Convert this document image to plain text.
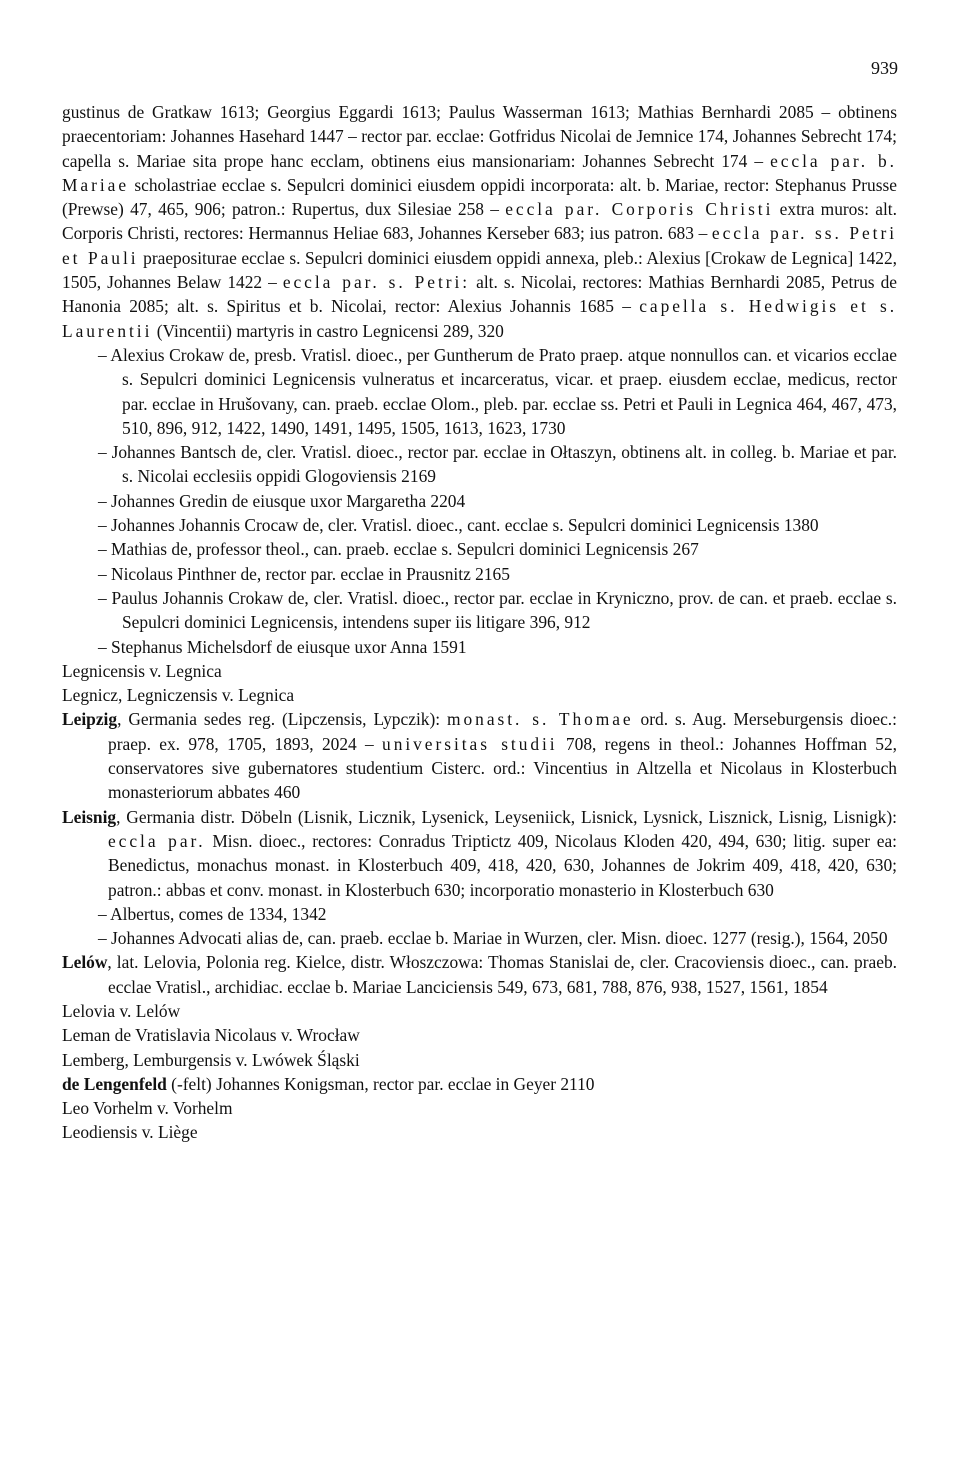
939
gustinus de Gratkaw 1613; Georgius Eggardi 1613; Paulus Wasserman 1613; Mathias Bernhardi 2085 – obtinens praecentoriam: Johannes Hasehard 1447 – rector par. ecclae: Gotfridus Nicolai de Jemnice 174, Johannes Sebrecht 174; capella s. Mariae sita prope hanc ecclam, obtinens eius mansionariam: Johannes Sebrecht 174 – eccla par. b. Mariae scholastriae ecclae s. Sepulcri dominici eiusdem oppidi incorporata: alt. b. Mariae, rector: Stephanus Prusse (Prewse) 47, 465, 906; patron.: Rupertus, dux Silesiae 258 – eccla par. Corporis Christi extra muros: alt. Corporis Christi, rectores: Hermannus Heliae 683, Johannes Kerseber 683; ius patron. 683 – eccla par. ss. Petri et Pauli praeposituraе ecclae s. Sepulcri dominici eiusdem oppidi annexa, pleb.: Alexius [Crokaw de Legnica] 1422, 1505, Johannes Belaw 1422 – eccla par. s. Petri: alt. s. Nicolai, rectores: Mathias Bernhardi 2085, Petrus de Hanonia 2085; alt. s. Spiritus et b. Nicolai, rector: Alexius Johannis 1685 – capella s. Hedwigis et s. Laurentii (Vincentii) martyris in castro Legnicensi 289, 320
– Alexius Crokaw de, presb. Vratisl. dioec., per Guntherum de Prato praep. atque nonnullos can. et vicarios ecclae s. Sepulcri dominici Legnicensis vulneratus et incarceratus, vicar. et praep. eiusdem ecclae, medicus, rector par. ecclae in Hrušovany, can. praeb. ecclae Olom., pleb. par. ecclae ss. Petri et Pauli in Legnica 464, 467, 473, 510, 896, 912, 1422, 1490, 1491, 1495, 1505, 1613, 1623, 1730
– Johannes Bantsch de, cler. Vratisl. dioec., rector par. ecclae in Ołtaszyn, obtinens alt. in colleg. b. Mariae et par. s. Nicolai ecclesiis oppidi Glogoviensis 2169
– Johannes Gredin de eiusque uxor Margaretha 2204
– Johannes Johannis Crocaw de, cler. Vratisl. dioec., cant. ecclae s. Sepulcri dominici Legnicensis 1380
– Mathias de, professor theol., can. praeb. ecclae s. Sepulcri dominici Legnicensis 267
– Nicolaus Pinthner de, rector par. ecclae in Prausnitz 2165
– Paulus Johannis Crokaw de, cler. Vratisl. dioec., rector par. ecclae in Kryniczno, prov. de can. et praeb. ecclae s. Sepulcri dominici Legnicensis, intendens super iis litigare 396, 912
– Stephanus Michelsdorf de eiusque uxor Anna 1591
Legnicensis v. Legnica
Legnicz, Legniczensis v. Legnica
Leipzig, Germania sedes reg. (Lipczensis, Lypczik): monast. s. Thomae ord. s. Aug. Merseburgensis dioec.: praep. ex. 978, 1705, 1893, 2024 – universitas studii 708, regens in theol.: Johannes Hoffman 52, conservatores sive gubernatores studentium Cisterc. ord.: Vincentius in Altzella et Nicolaus in Klosterbuch monasteriorum abbates 460
Leisnig, Germania distr. Döbeln (Lisnik, Licznik, Lysenick, Leyseniick, Lisnick, Lysnick, Lisznick, Lisnig, Lisnigk): eccla par. Misn. dioec., rectores: Conradus Triptictz 409, Nicolaus Kloden 420, 494, 630; litig. super ea: Benedictus, monachus monast. in Klosterbuch 409, 418, 420, 630, Johannes de Jokrim 409, 418, 420, 630; patron.: abbas et conv. monast. in Klosterbuch 630; incorporatio monasterio in Klosterbuch 630
– Albertus, comes de 1334, 1342
– Johannes Advocati alias de, can. praeb. ecclae b. Mariae in Wurzen, cler. Misn. dioec. 1277 (resig.), 1564, 2050
Lelów, lat. Lelovia, Polonia reg. Kielce, distr. Włoszczowa: Thomas Stanislai de, cler. Cracoviensis dioec., can. praeb. ecclae Vratisl., archidiac. ecclae b. Mariae Lanciciensis 549, 673, 681, 788, 876, 938, 1527, 1561, 1854
Lelovia v. Lelów
Leman de Vratislavia Nicolaus v. Wrocław
Lemberg, Lemburgensis v. Lwówek Śląski
de Lengenfeld (-felt) Johannes Konigsman, rector par. ecclae in Geyer 2110
Leo Vorhelm v. Vorhelm
Leodiensis v. Liège
